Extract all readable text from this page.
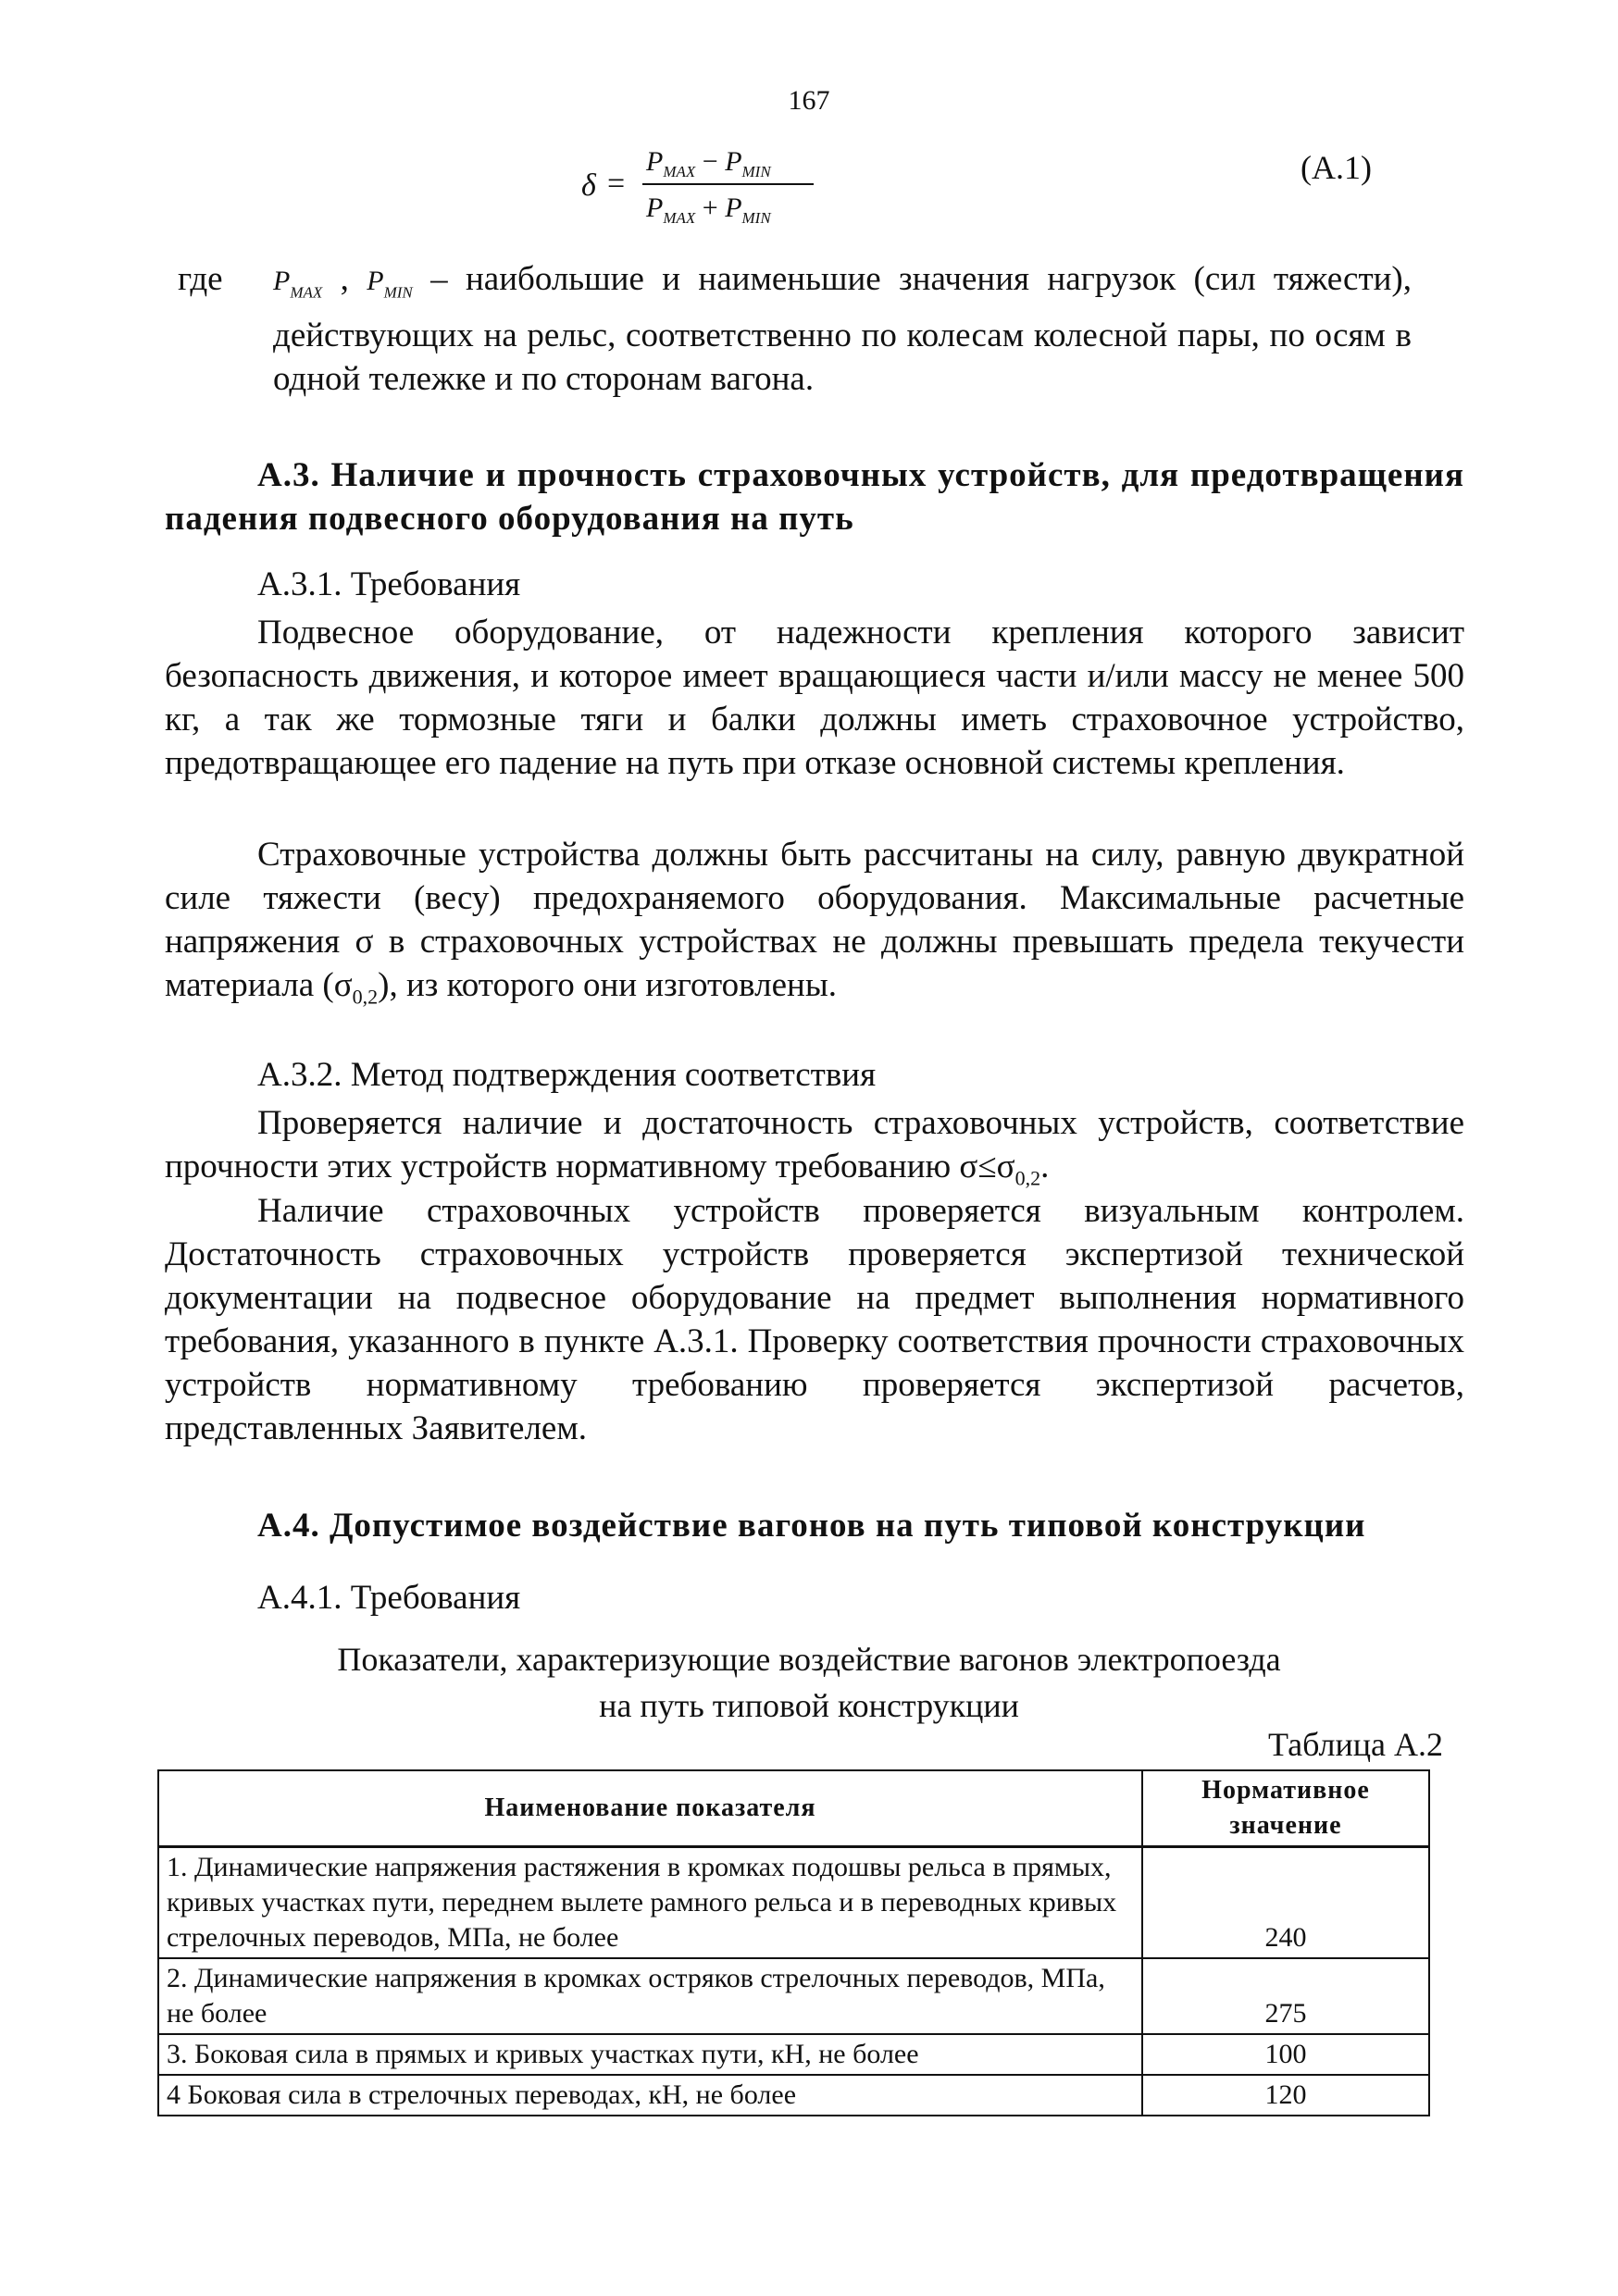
167
δ =
$P_{MAX} - P_{MIN}$
$P_{MAX} + P_{MIN}$
(А.1)
где $P_{MAX}$ , $P_{MIN}$ – наибольшие и наименьшие значения нагрузок (сил тяжести), действующих на рельс, соответственно по колесам колесной пары, по осям в одной тележке и по сторонам вагона.
А.3. Наличие и прочность страховочных устройств, для предотвращения падения подвесного оборудования на путь
А.3.1. Требования
Подвесное оборудование, от надежности крепления которого зависит безопасность движения, и которое имеет вращающиеся части и/или массу не менее 500 кг, а так же тормозные тяги и балки должны иметь страховочное устройство, предотвращающее его падение на путь при отказе основной системы крепления.
Страховочные устройства должны быть рассчитаны на силу, равную двукратной силе тяжести (весу) предохраняемого оборудования. Максимальные расчетные напряжения σ в страховочных устройствах не должны превышать предела текучести материала $(\sigma_{0,2})$, из которого они изготовлены.
А.3.2. Метод подтверждения соответствия
Проверяется наличие и достаточность страховочных устройств, соответствие прочности этих устройств нормативному требованию $\sigma\le\sigma_{0,2}$.
Наличие страховочных устройств проверяется визуальным контролем. Достаточность страховочных устройств проверяется экспертизой технической документации на подвесное оборудование на предмет выполнения нормативного требования, указанного в пункте А.3.1. Проверку соответствия прочности страховочных устройств нормативному требованию проверяется экспертизой расчетов, представленных Заявителем.
А.4. Допустимое воздействие вагонов на путь типовой конструкции
А.4.1. Требования
Показатели, характеризующие воздействие вагонов электропоезда
на путь типовой конструкции
Таблица А.2
Наименование показателя	Нормативное значение
1. Динамические напряжения растяжения в кромках подошвы рельса в прямых, кривых участках пути, переднем вылете рамного рельса и в переводных кривых стрелочных переводов, МПа, не более	240
2. Динамические напряжения в кромках остряков стрелочных переводов, МПа, не более	275
3. Боковая сила в прямых и кривых участках пути, кН, не более	100
4 Боковая сила в стрелочных переводах, кН, не более	120
